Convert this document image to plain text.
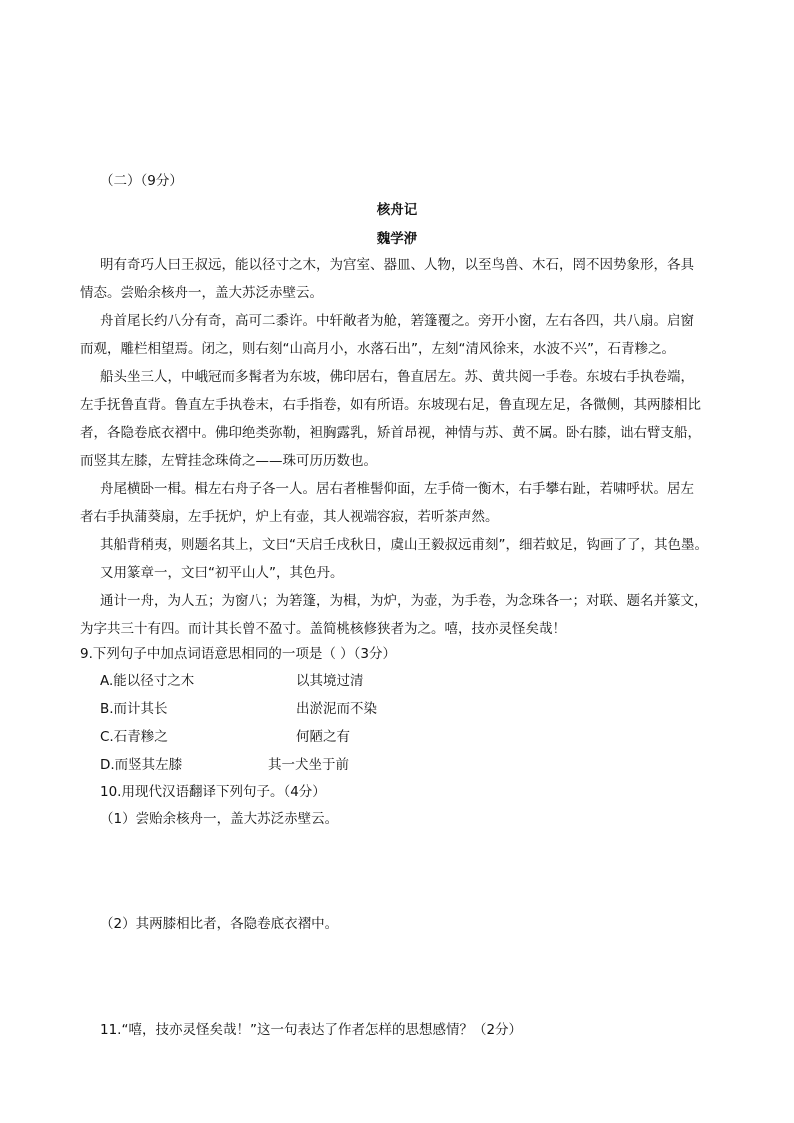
（二）（9分）
核舟记
魏学洢
明有奇巧人曰王叔远，能以径寸之木，为宫室、器皿、人物，以至鸟兽、木石，罔不因势象形，各具
情态。尝贻余核舟一，盖大苏泛赤壁云。
舟首尾长约八分有奇，高可二黍许。中轩敞者为舱，箬篷覆之。旁开小窗，左右各四，共八扇。启窗
而观，雕栏相望焉。闭之，则右刻“山高月小，水落石出”，左刻“清风徐来，水波不兴”，石青糁之。
船头坐三人，中峨冠而多髯者为东坡，佛印居右，鲁直居左。苏、黄共阅一手卷。东坡右手执卷端，
左手抚鲁直背。鲁直左手执卷末，右手指卷，如有所语。东坡现右足，鲁直现左足，各微侧，其两膝相比
者，各隐卷底衣褶中。佛印绝类弥勒，袒胸露乳，矫首昂视，神情与苏、黄不属。卧右膝，诎右臂支船，
而竖其左膝，左臂挂念珠倚之——珠可历历数也。
舟尾横卧一楫。楫左右舟子各一人。居右者椎髻仰面，左手倚一衡木，右手攀右趾，若啸呼状。居左
者右手执蒲葵扇，左手抚炉，炉上有壶，其人视端容寂，若听茶声然。
其船背稍夷，则题名其上，文曰“天启壬戌秋日，虞山王毅叔远甫刻”，细若蚊足，钩画了了，其色墨。
又用篆章一，文曰“初平山人”，其色丹。
通计一舟，为人五；为窗八；为箬篷，为楫，为炉，为壶，为手卷，为念珠各一；对联、题名并篆文，
为字共三十有四。而计其长曾不盈寸。盖简桃核修狭者为之。嘻，技亦灵怪矣哉！
9.下列句子中加点词语意思相同的一项是（ ）（3分）
A.能以径寸之木	以其境过清
B.而计其长	出淤泥而不染
C.石青糁之	何陋之有
D.而竖其左膝	其一犬坐于前
10.用现代汉语翻译下列句子。（4分）
（1）尝贻余核舟一，盖大苏泛赤壁云。
（2）其两膝相比者，各隐卷底衣褶中。
11.“嘻，技亦灵怪矣哉！”这一句表达了作者怎样的思想感情？（2分）
